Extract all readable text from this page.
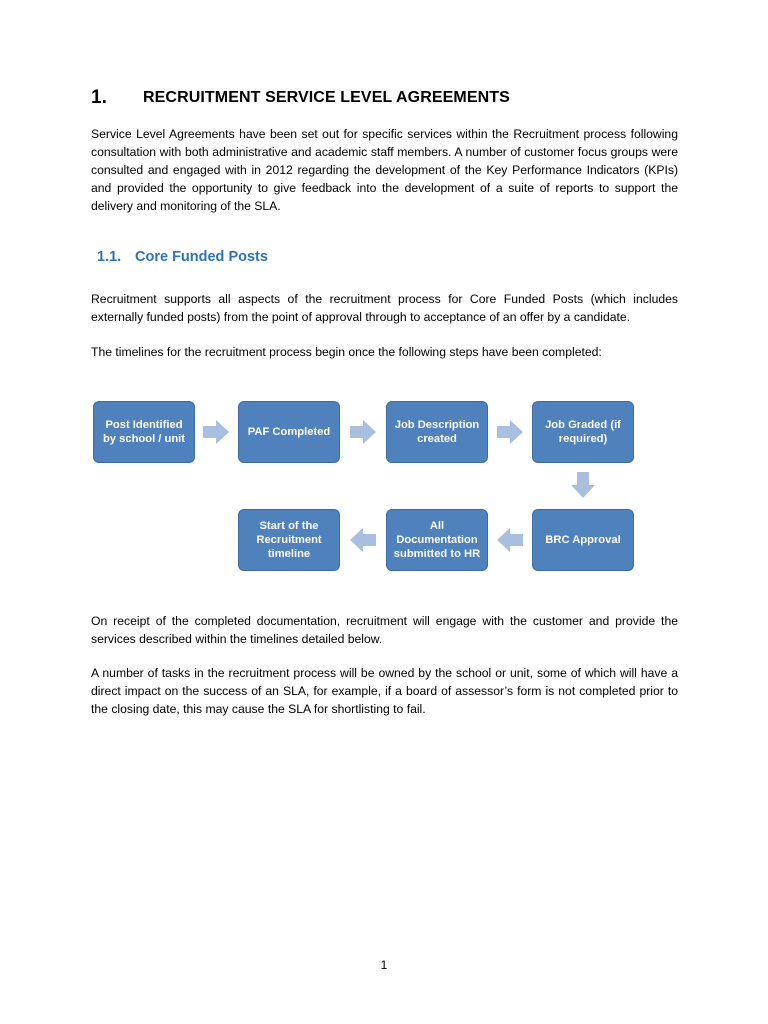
1.	RECRUITMENT SERVICE LEVEL AGREEMENTS
Service Level Agreements have been set out for specific services within the Recruitment process following consultation with both administrative and academic staff members. A number of customer focus groups were consulted and engaged with in 2012 regarding the development of the Key Performance Indicators (KPIs) and provided the opportunity to give feedback into the development of a suite of reports to support the delivery and monitoring of the SLA.
1.1. Core Funded Posts
Recruitment supports all aspects of the recruitment process for Core Funded Posts (which includes externally funded posts) from the point of approval through to acceptance of an offer by a candidate.
The timelines for the recruitment process begin once the following steps have been completed:
Post Identified by school / unit
PAF Completed
Job Description created
Job Graded (if required)
BRC Approval
All Documentation submitted to HR
Start of the Recruitment timeline
On receipt of the completed documentation, recruitment will engage with the customer and provide the services described within the timelines detailed below.
A number of tasks in the recruitment process will be owned by the school or unit, some of which will have a direct impact on the success of an SLA, for example, if a board of assessor’s form is not completed prior to the closing date, this may cause the SLA for shortlisting to fail.
1
